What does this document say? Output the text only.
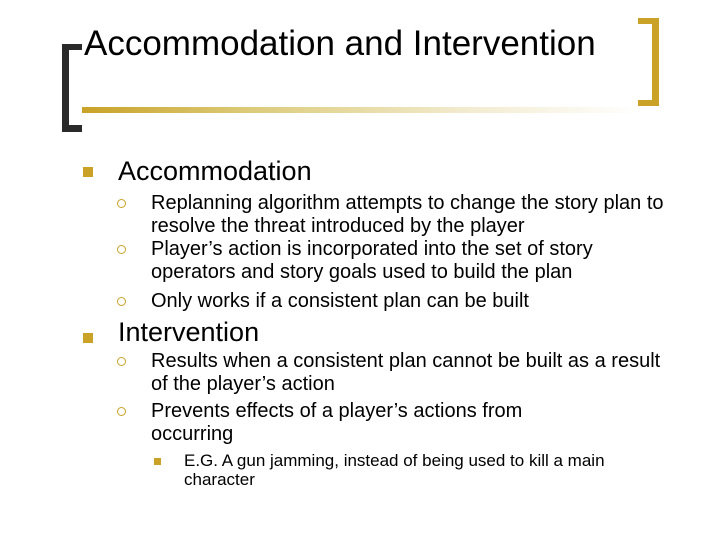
Accommodation and Intervention
Accommodation
Replanning algorithm attempts to change the story plan to resolve the threat introduced by the player
Player’s action is incorporated into the set of story operators and story goals used to build the plan
Only works if a consistent plan can be built
Intervention
Results when a consistent plan cannot be built as a result of the player’s action
Prevents effects of a player’s actions from occurring
E.G. A gun jamming, instead of being used to kill a main character
